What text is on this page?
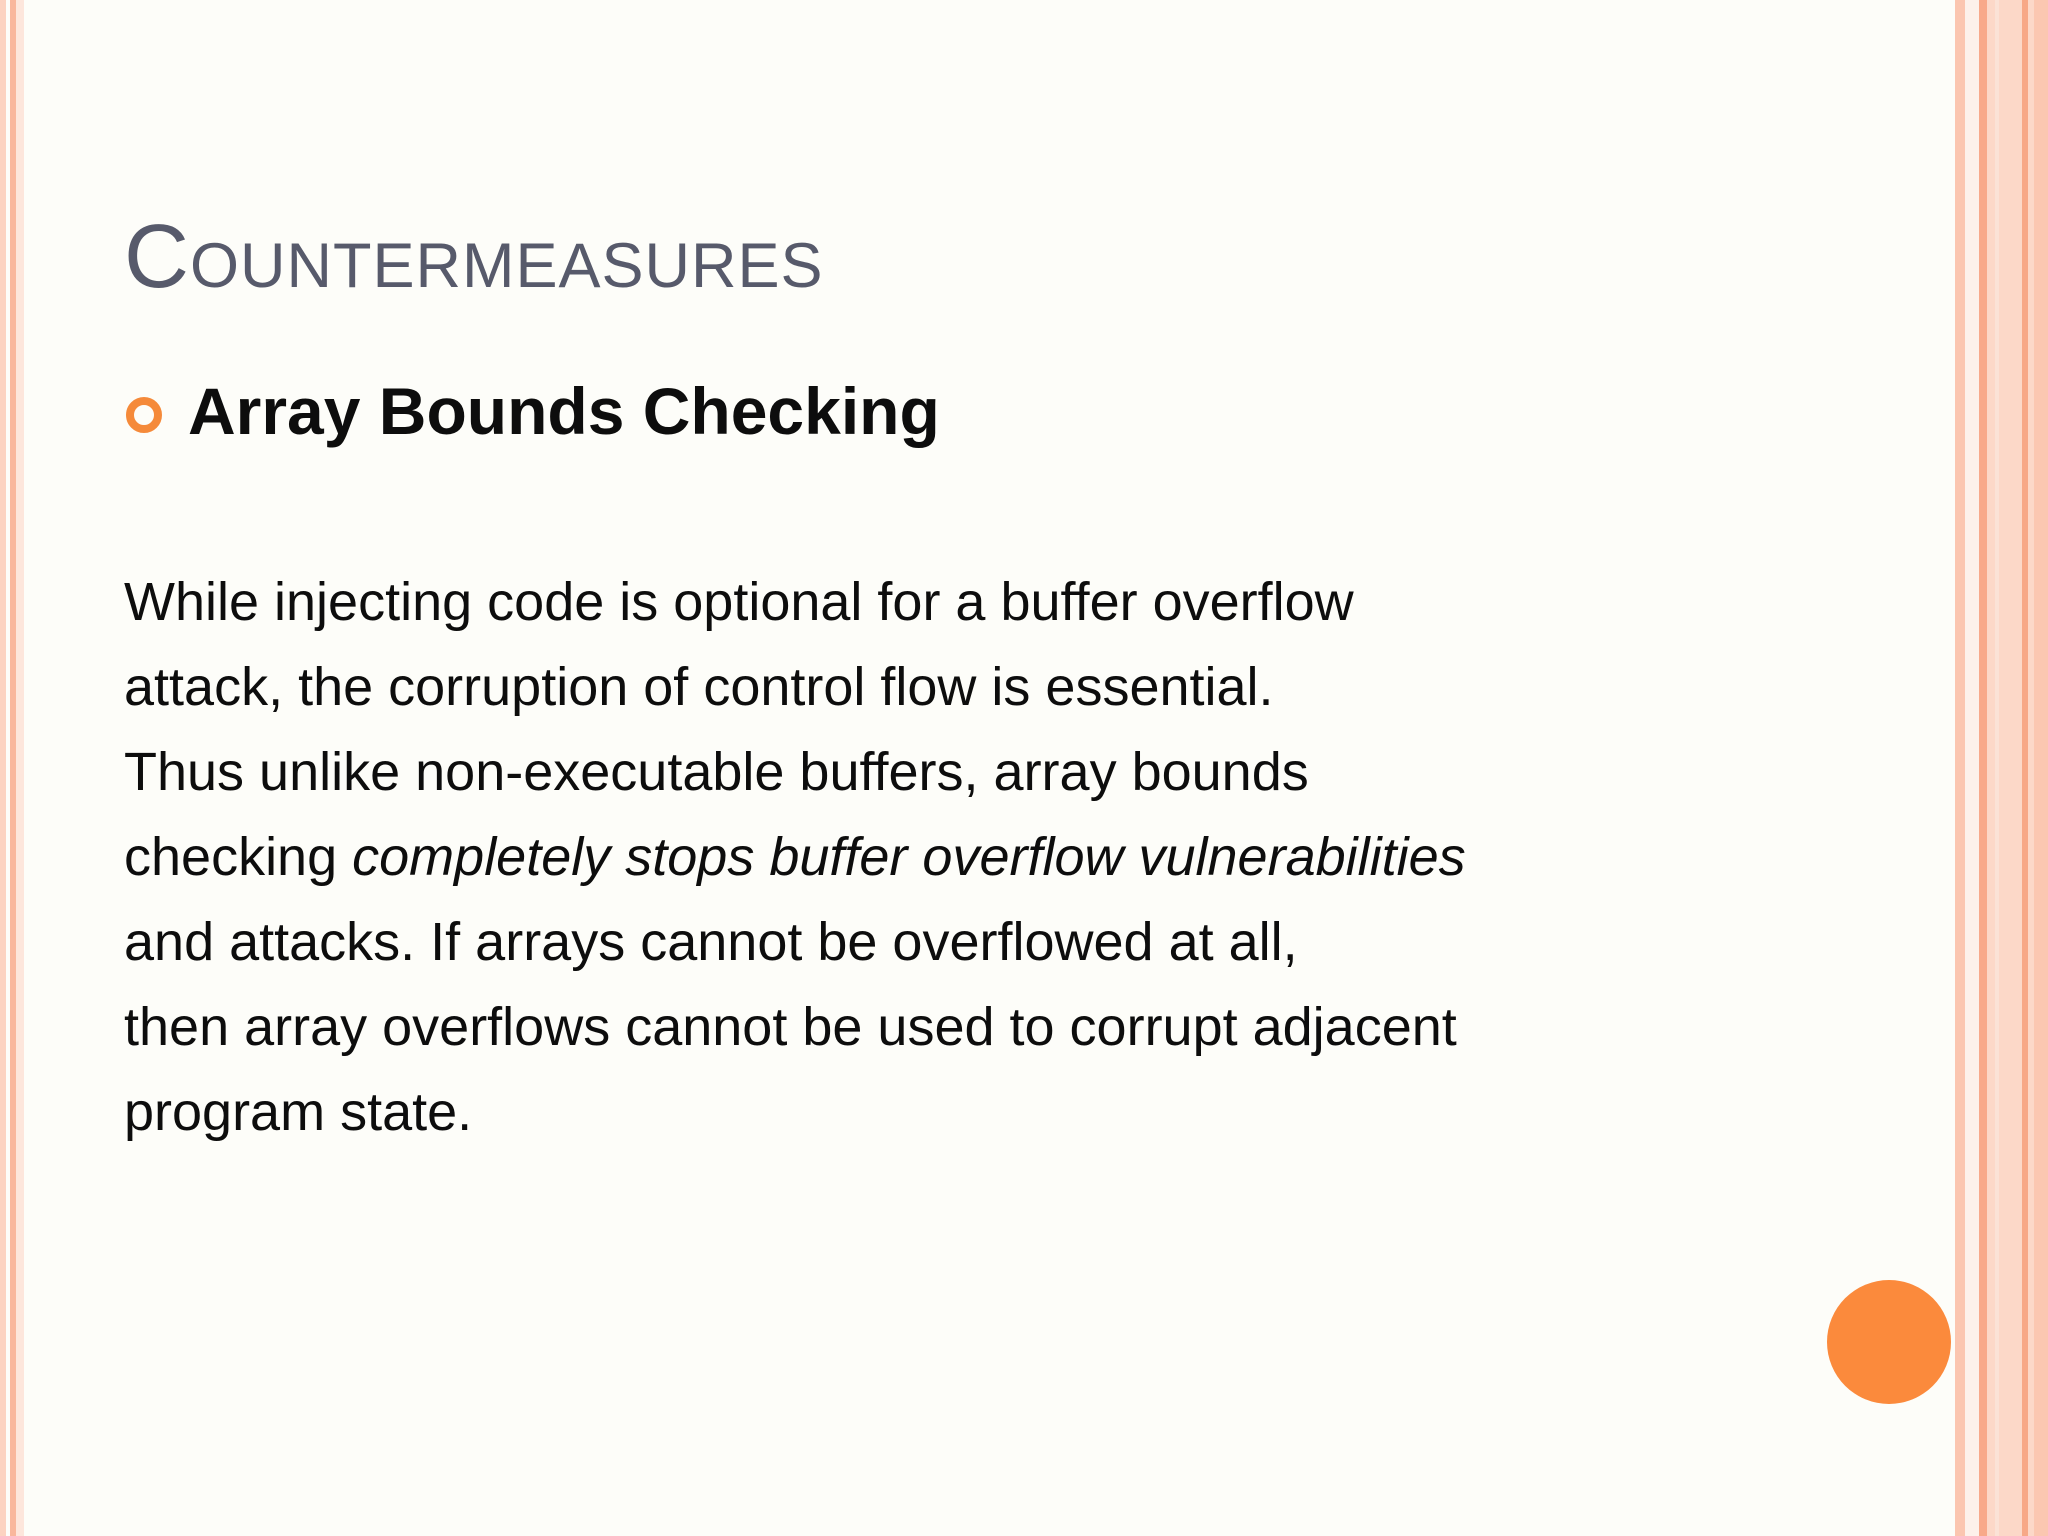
Countermeasures
Array Bounds Checking
While injecting code is optional for a buffer overflow
attack, the corruption of control flow is essential.
Thus unlike non-executable buffers, array bounds
checking completely stops buffer overflow vulnerabilities
and attacks. If arrays cannot be overflowed at all,
then array overflows cannot be used to corrupt adjacent
program state.
